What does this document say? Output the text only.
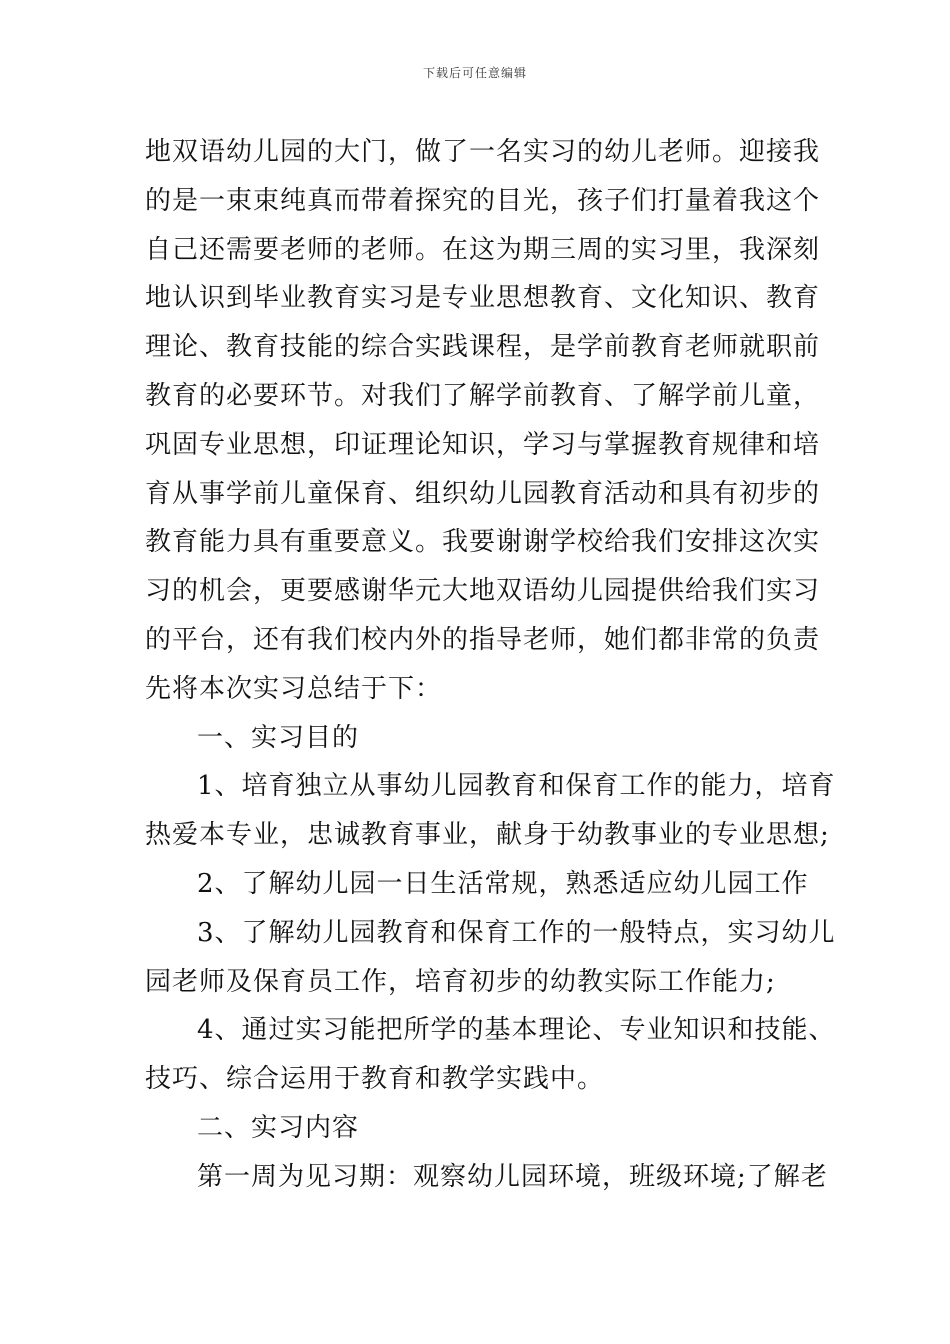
下载后可任意编辑
地双语幼儿园的大门，做了一名实习的幼儿老师。迎接我
的是一束束纯真而带着探究的目光，孩子们打量着我这个
自己还需要老师的老师。在这为期三周的实习里，我深刻
地认识到毕业教育实习是专业思想教育、文化知识、教育
理论、教育技能的综合实践课程，是学前教育老师就职前
教育的必要环节。对我们了解学前教育、了解学前儿童，
巩固专业思想，印证理论知识，学习与掌握教育规律和培
育从事学前儿童保育、组织幼儿园教育活动和具有初步的
教育能力具有重要意义。我要谢谢学校给我们安排这次实
习的机会，更要感谢华元大地双语幼儿园提供给我们实习
的平台，还有我们校内外的指导老师，她们都非常的负责
先将本次实习总结于下：
一、实习目的
1、培育独立从事幼儿园教育和保育工作的能力，培育
热爱本专业，忠诚教育事业，献身于幼教事业的专业思想;
2、了解幼儿园一日生活常规，熟悉适应幼儿园工作
3、了解幼儿园教育和保育工作的一般特点，实习幼儿
园老师及保育员工作，培育初步的幼教实际工作能力;
4、通过实习能把所学的基本理论、专业知识和技能、
技巧、综合运用于教育和教学实践中。
二、实习内容
第一周为见习期：观察幼儿园环境，班级环境;了解老
